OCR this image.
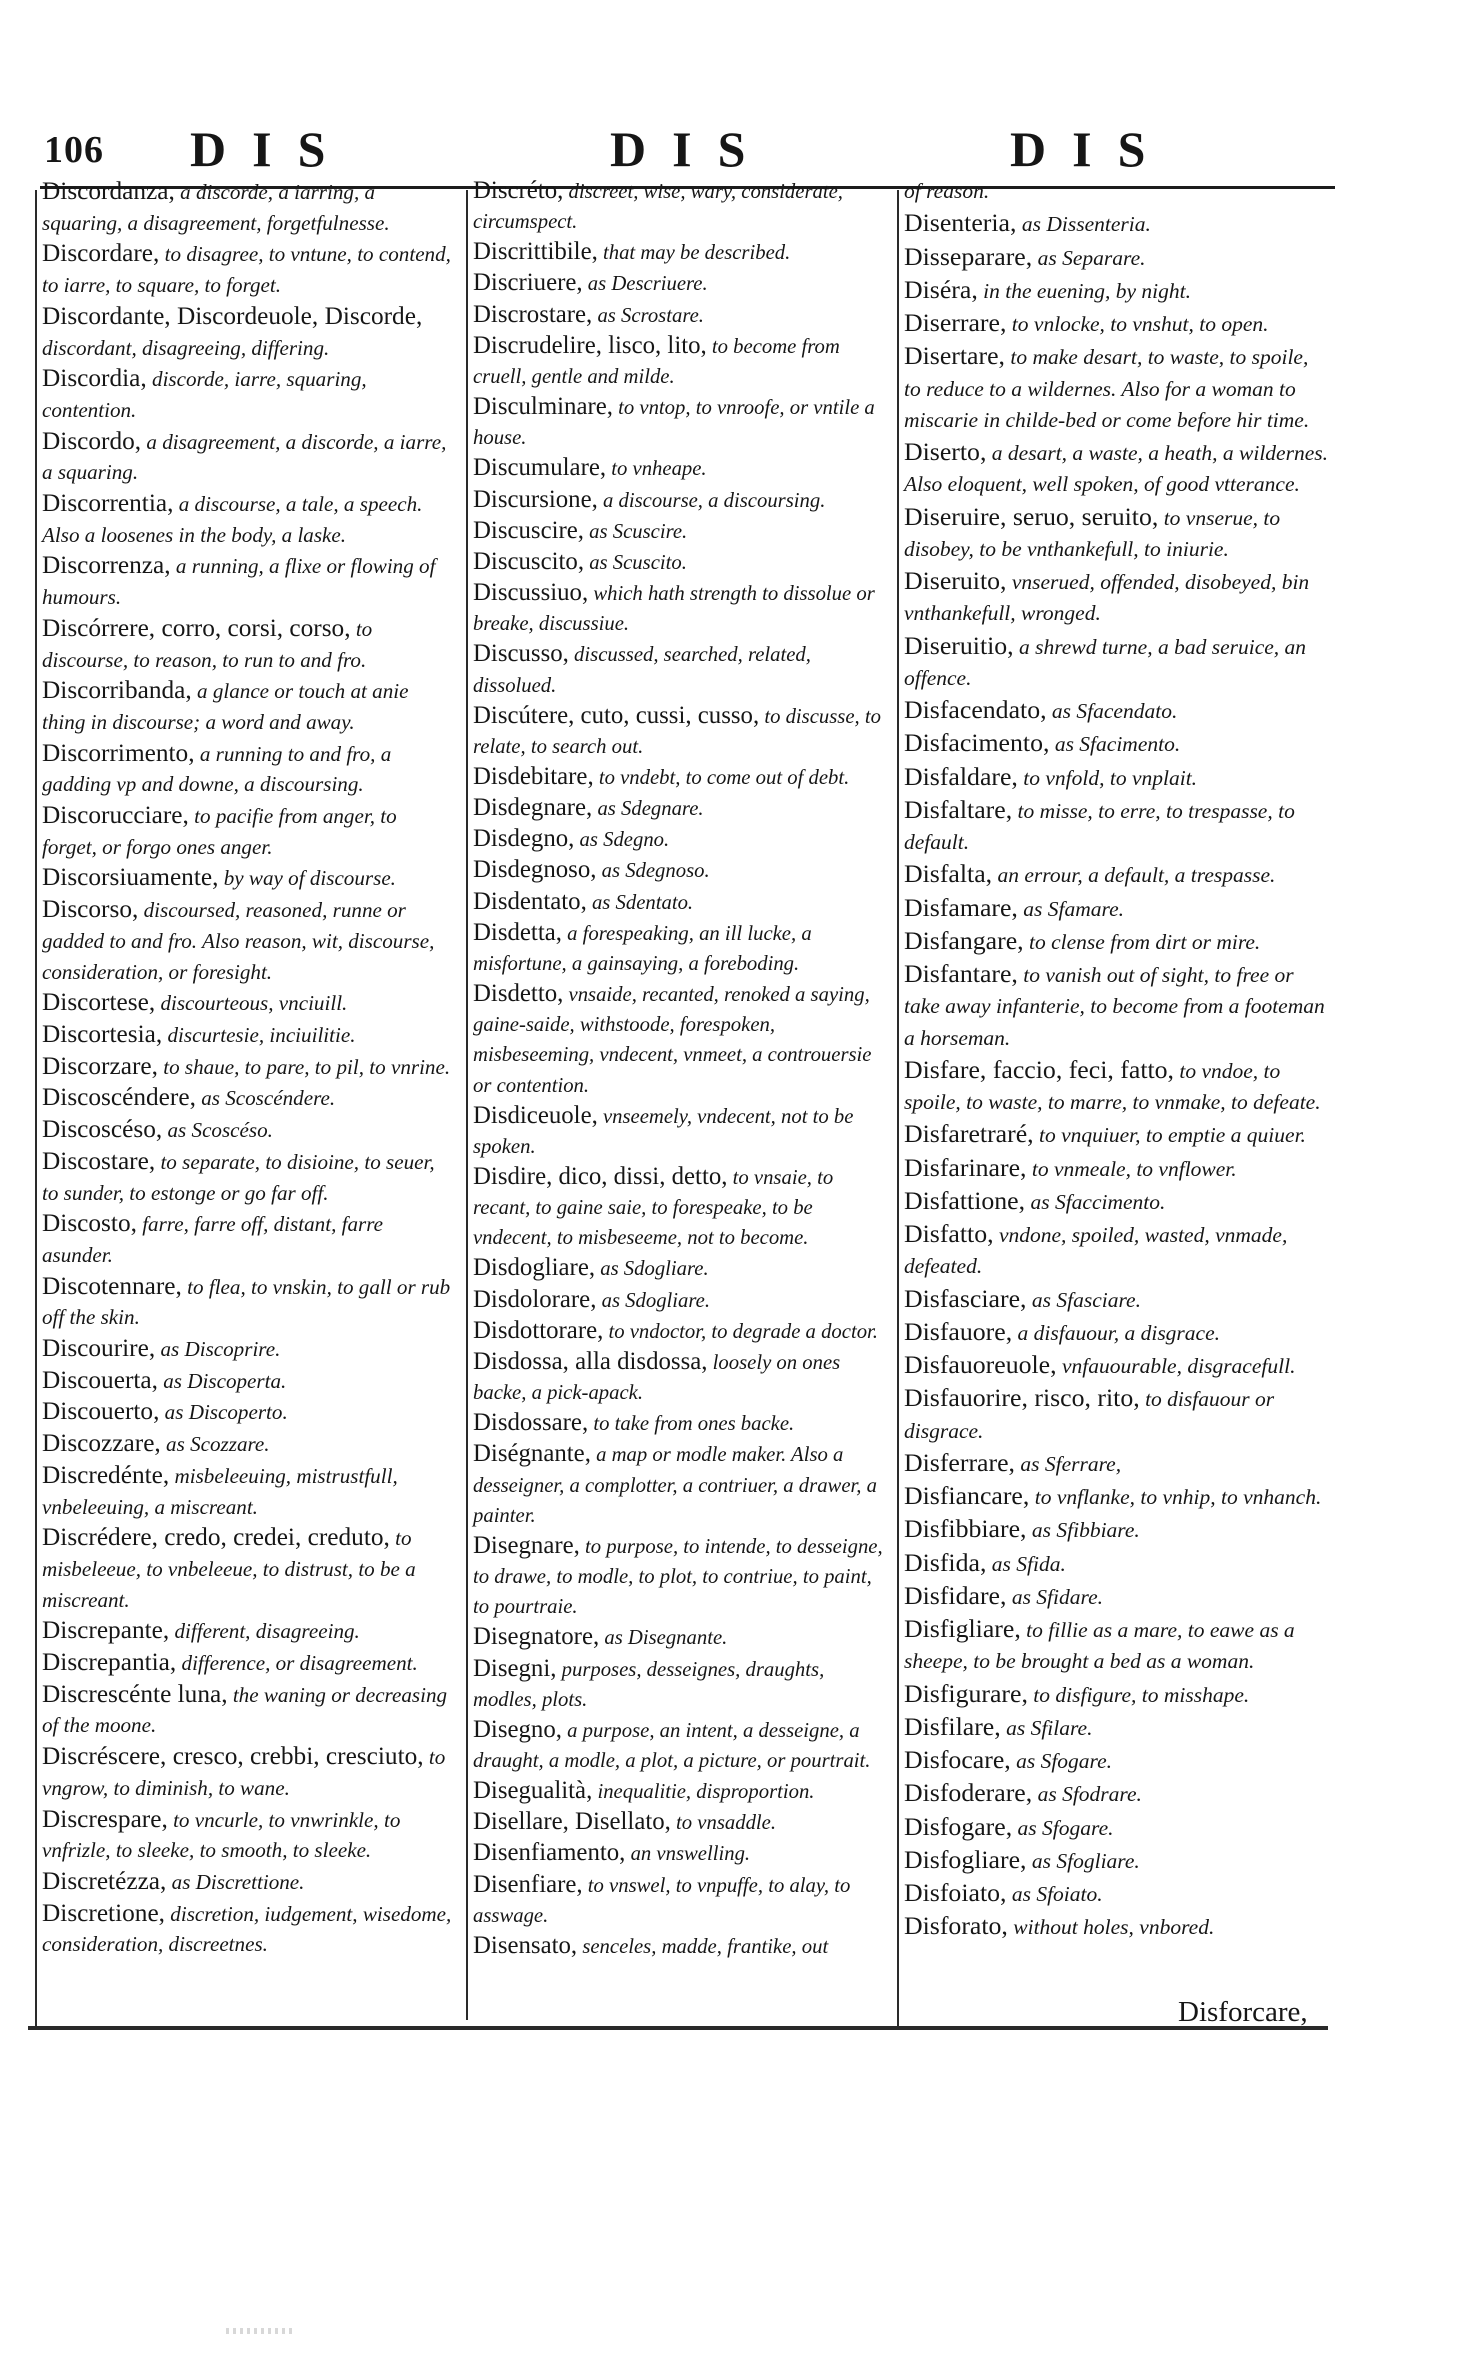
106 DIS	DIS	DIS

Discordanza, a discorde, a iarring, a squaring, a disagreement, forgetfulnesse.

Discordare, to disagree, to vntune, to contend, to iarre, to square, to forget.

Discordante, Discordeuole, Discorde, discordant, disagreeing, differing.

Discordia, discorde, iarre, squaring, contention.

Discordo, a disagreement, a discorde, a iarre, a squaring.

Discorrentia, a discourse, a tale, a speech. Also a loosenes in the body, a laske.

Discorrenza, a running, a flixe or flowing of humours.

Discórrere, corro, corsi, corso, to discourse, to reason, to run to and fro.

Discorribanda, a glance or touch at anie thing in discourse; a word and away.

Discorrimento, a running to and fro, a gadding vp and downe, a discoursing.

Discorucciare, to pacifie from anger, to forget, or forgo ones anger.

Discorsiuamente, by way of discourse.

Discorso, discoursed, reasoned, runne or gadded to and fro. Also reason, wit, discourse, consideration, or foresight.

Discortese, discourteous, vnciuill.

Discortesia, discurtesie, inciuilitie.

Discorzare, to shaue, to pare, to pil, to vnrine.

Discoscéndere, as Scoscéndere.

Discoscéso, as Scoscéso.

Discostare, to separate, to disioine, to seuer, to sunder, to estonge or go far off.

Discosto, farre, farre off, distant, farre asunder.

Discotennare, to flea, to vnskin, to gall or rub off the skin.

Discourire, as Discoprire.

Discouerta, as Discoperta.

Discouerto, as Discoperto.

Discozzare, as Scozzare.

Discredénte, misbeleeuing, mistrustfull, vnbeleeuing, a miscreant.

Discrédere, credo, credei, creduto, to misbeleeue, to vnbeleeue, to distrust, to be a miscreant.

Discrepante, different, disagreeing.

Discrepantia, difference, or disagreement.

Discrescénte luna, the waning or decreasing of the moone.

Discréscere, cresco, crebbi, cresciuto, to vngrow, to diminish, to wane.

Discrespare, to vncurle, to vnwrinkle, to vnfrizle, to sleeke, to smooth, to sleeke.

Discretézza, as Discrettione.

Discretione, discretion, iudgement, wisedome, consideration, discreetnes.

Discréto, discreet, wise, wary, considerate, circumspect.

Discrittibile, that may be described.

Discriuere, as Descriuere.

Discrostare, as Scrostare.

Discrudelire, lisco, lito, to become from cruell, gentle and milde.

Disculminare, to vntop, to vnroofe, or vntile a house.

Discumulare, to vnheape.

Discursione, a discourse, a discoursing.

Discuscire, as Scuscire.

Discuscito, as Scuscito.

Discussiuo, which hath strength to dissolue or breake, discussiue.

Discusso, discussed, searched, related, dissolued.

Discútere, cuto, cussi, cusso, to discusse, to relate, to search out.

Disdebitare, to vndebt, to come out of debt.

Disdegnare, as Sdegnare.

Disdegno, as Sdegno.

Disdegnoso, as Sdegnoso.

Disdentato, as Sdentato.

Disdetta, a forespeaking, an ill lucke, a misfortune, a gainsaying, a foreboding.

Disdetto, vnsaide, recanted, renoked a saying, gaine-saide, withstoode, forespoken, misbeseeming, vndecent, vnmeet, a controuersie or contention.

Disdiceuole, vnseemely, vndecent, not to be spoken.

Disdire, dico, dissi, detto, to vnsaie, to recant, to gaine saie, to forespeake, to be vndecent, to misbeseeme, not to become.

Disdogliare, as Sdogliare.

Disdolorare, as Sdogliare.

Disdottorare, to vndoctor, to degrade a doctor.

Disdossa, alla disdossa, loosely on ones backe, a pick-apack.

Disdossare, to take from ones backe.

Diségnante, a map or modle maker. Also a desseigner, a complotter, a contriuer, a drawer, a painter.

Disegnare, to purpose, to intende, to desseigne, to drawe, to modle, to plot, to contriue, to paint, to pourtraie.

Disegnatore, as Disegnante.

Disegni, purposes, desseignes, draughts, modles, plots.

Disegno, a purpose, an intent, a desseigne, a draught, a modle, a plot, a picture, or pourtrait.

Disegualità, inequalitie, disproportion.

Disellare, Disellato, to vnsaddle.

Disenfiamento, an vnswelling.

Disenfiare, to vnswel, to vnpuffe, to alay, to asswage.

Disensato, senceles, madde, frantike, out

of reason.

Disenteria, as Dissenteria.

Disseparare, as Separare.

Diséra, in the euening, by night.

Diserrare, to vnlocke, to vnshut, to open.

Disertare, to make desart, to waste, to spoile, to reduce to a wildernes. Also for a woman to miscarie in childe-bed or come before hir time.

Diserto, a desart, a waste, a heath, a wildernes. Also eloquent, well spoken, of good vtterance.

Diseruire, seruo, seruito, to vnserue, to disobey, to be vnthankefull, to iniurie.

Diseruito, vnserued, offended, disobeyed, bin vnthankefull, wronged.

Diseruitio, a shrewd turne, a bad seruice, an offence.

Disfacendato, as Sfacendato.

Disfacimento, as Sfacimento.

Disfaldare, to vnfold, to vnplait.

Disfaltare, to misse, to erre, to trespasse, to default.

Disfalta, an errour, a default, a trespasse.

Disfamare, as Sfamare.

Disfangare, to clense from dirt or mire.

Disfantare, to vanish out of sight, to free or take away infanterie, to become from a footeman a horseman.

Disfare, faccio, feci, fatto, to vndoe, to spoile, to waste, to marre, to vnmake, to defeate.

Disfaretraré, to vnquiuer, to emptie a quiuer.

Disfarinare, to vnmeale, to vnflower.

Disfattione, as Sfaccimento.

Disfatto, vndone, spoiled, wasted, vnmade, defeated.

Disfasciare, as Sfasciare.

Disfauore, a disfauour, a disgrace.

Disfauoreuole, vnfauourable, disgracefull.

Disfauorire, risco, rito, to disfauour or disgrace.

Disferrare, as Sferrare,

Disfiancare, to vnflanke, to vnhip, to vnhanch.

Disfibbiare, as Sfibbiare.

Disfida, as Sfida.

Disfidare, as Sfidare.

Disfigliare, to fillie as a mare, to eawe as a sheepe, to be brought a bed as a woman.

Disfigurare, to disfigure, to misshape.

Disfilare, as Sfilare.

Disfocare, as Sfogare.

Disfoderare, as Sfodrare.

Disfogare, as Sfogare.

Disfogliare, as Sfogliare.

Disfoiato, as Sfoiato.

Disforato, without holes, vnbored.

Disforcare,
